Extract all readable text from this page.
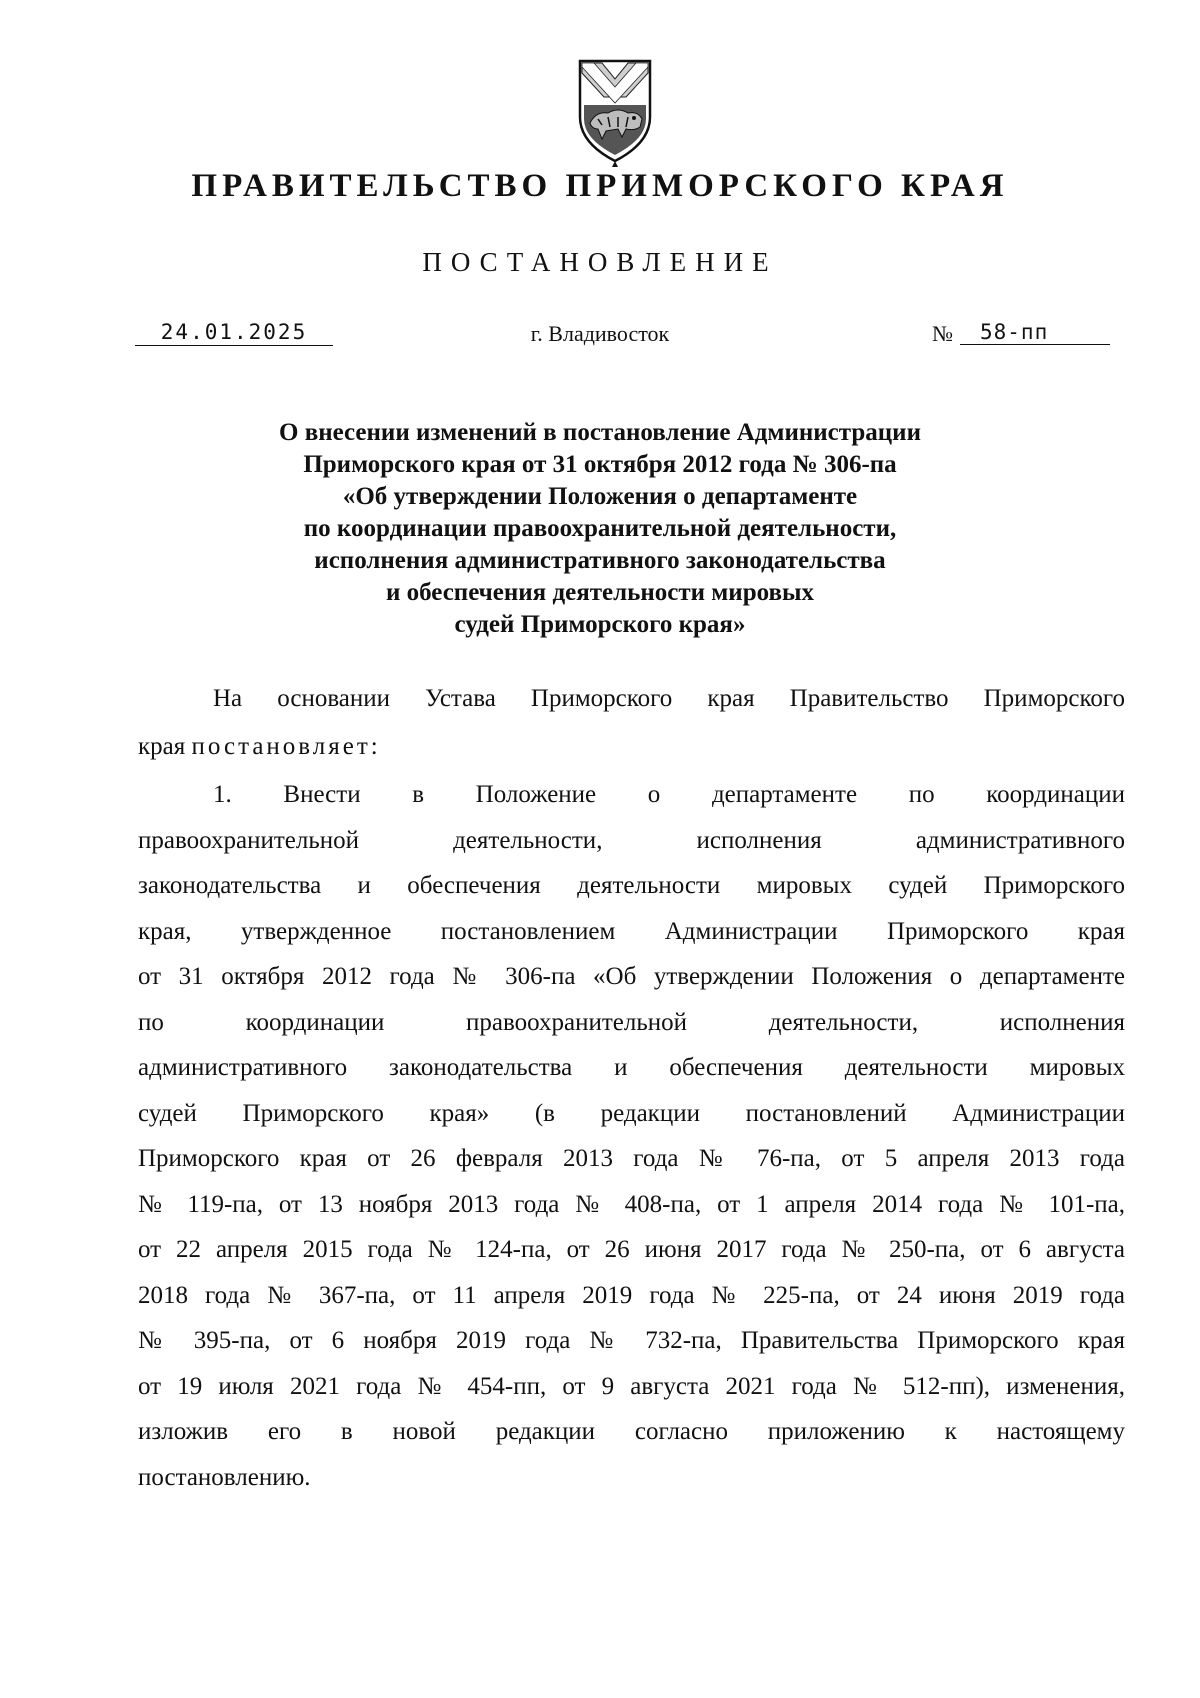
ПРАВИТЕЛЬСТВО ПРИМОРСКОГО КРАЯ
ПОСТАНОВЛЕНИЕ
24.01.2025	г. Владивосток	№	58-пп
О внесении изменений в постановление Администрации
Приморского края от 31 октября 2012 года № 306-па
«Об утверждении Положения о департаменте
по координации правоохранительной деятельности,
исполнения административного законодательства
и обеспечения деятельности мировых
судей Приморского края»
На основании Устава Приморского края Правительство Приморского
края постановляет:
1. Внести в Положение о департаменте по координации
правоохранительной деятельности, исполнения административного
законодательства и обеспечения деятельности мировых судей Приморского
края, утвержденное постановлением Администрации Приморского края
от 31 октября 2012 года № 306-па «Об утверждении Положения о департаменте
по координации правоохранительной деятельности, исполнения
административного законодательства и обеспечения деятельности мировых
судей Приморского края» (в редакции постановлений Администрации
Приморского края от 26 февраля 2013 года № 76-па, от 5 апреля 2013 года
№ 119-па, от 13 ноября 2013 года № 408-па, от 1 апреля 2014 года № 101-па,
от 22 апреля 2015 года № 124-па, от 26 июня 2017 года № 250-па, от 6 августа
2018 года № 367-па, от 11 апреля 2019 года № 225-па, от 24 июня 2019 года
№ 395-па, от 6 ноября 2019 года № 732-па, Правительства Приморского края
от 19 июля 2021 года № 454-пп, от 9 августа 2021 года № 512-пп), изменения,
изложив его в новой редакции согласно приложению к настоящему
постановлению.
